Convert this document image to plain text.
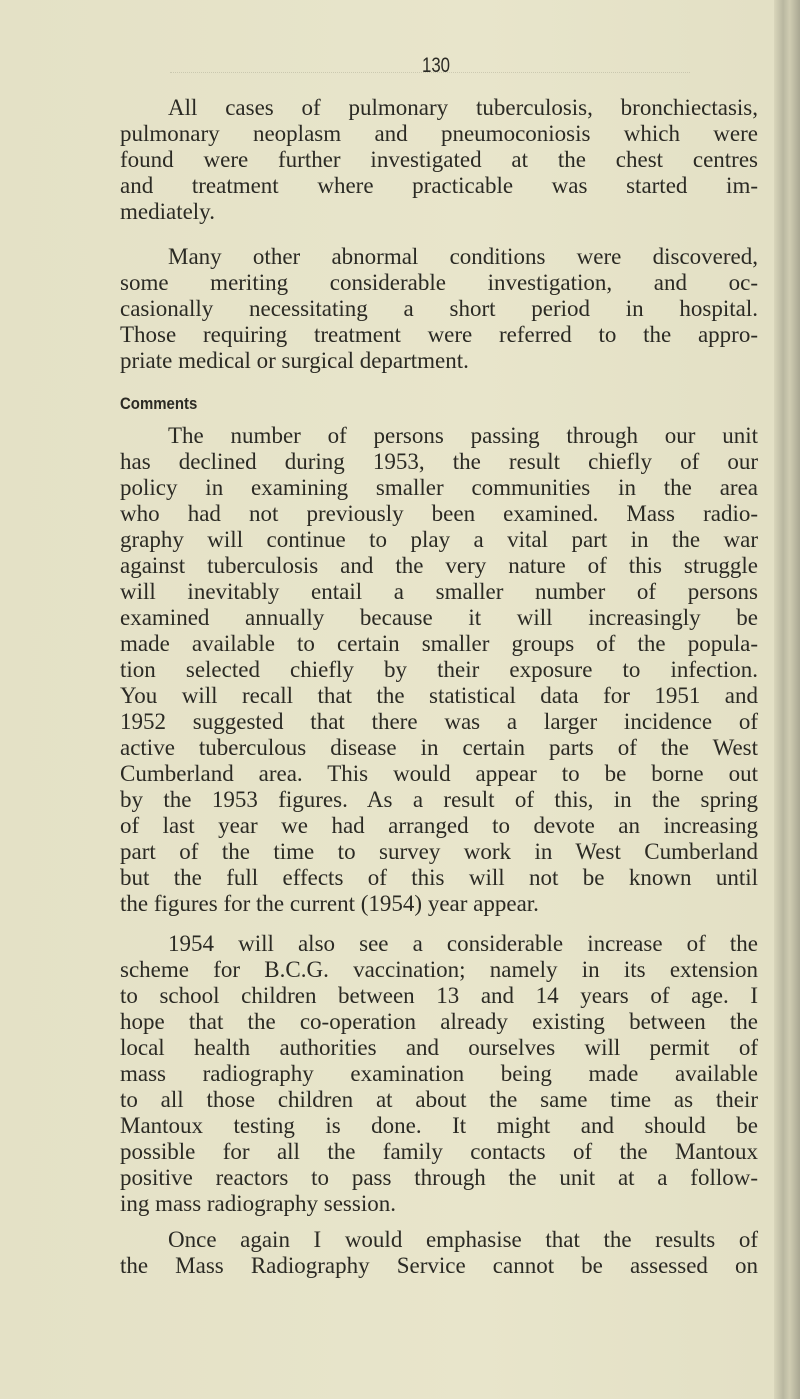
130
Comments
All cases of pulmonary tuberculosis, bronchiectasis,
pulmonary neoplasm and pneumoconiosis which were
found were further investigated at the chest centres
and treatment where practicable was started im-
mediately.
Many other abnormal conditions were discovered,
some meriting considerable investigation, and oc-
casionally necessitating a short period in hospital.
Those requiring treatment were referred to the appro-
priate medical or surgical department.
The number of persons passing through our unit
has declined during 1953, the result chiefly of our
policy in examining smaller communities in the area
who had not previously been examined. Mass radio-
graphy will continue to play a vital part in the war
against tuberculosis and the very nature of this struggle
will inevitably entail a smaller number of persons
examined annually because it will increasingly be
made available to certain smaller groups of the popula-
tion selected chiefly by their exposure to infection.
You will recall that the statistical data for 1951 and
1952 suggested that there was a larger incidence of
active tuberculous disease in certain parts of the West
Cumberland area. This would appear to be borne out
by the 1953 figures. As a result of this, in the spring
of last year we had arranged to devote an increasing
part of the time to survey work in West Cumberland
but the full effects of this will not be known until
the figures for the current (1954) year appear.
1954 will also see a considerable increase of the
scheme for B.C.G. vaccination; namely in its extension
to school children between 13 and 14 years of age. I
hope that the co-operation already existing between the
local health authorities and ourselves will permit of
mass radiography examination being made available
to all those children at about the same time as their
Mantoux testing is done. It might and should be
possible for all the family contacts of the Mantoux
positive reactors to pass through the unit at a follow-
ing mass radiography session.
Once again I would emphasise that the results of
the Mass Radiography Service cannot be assessed on
